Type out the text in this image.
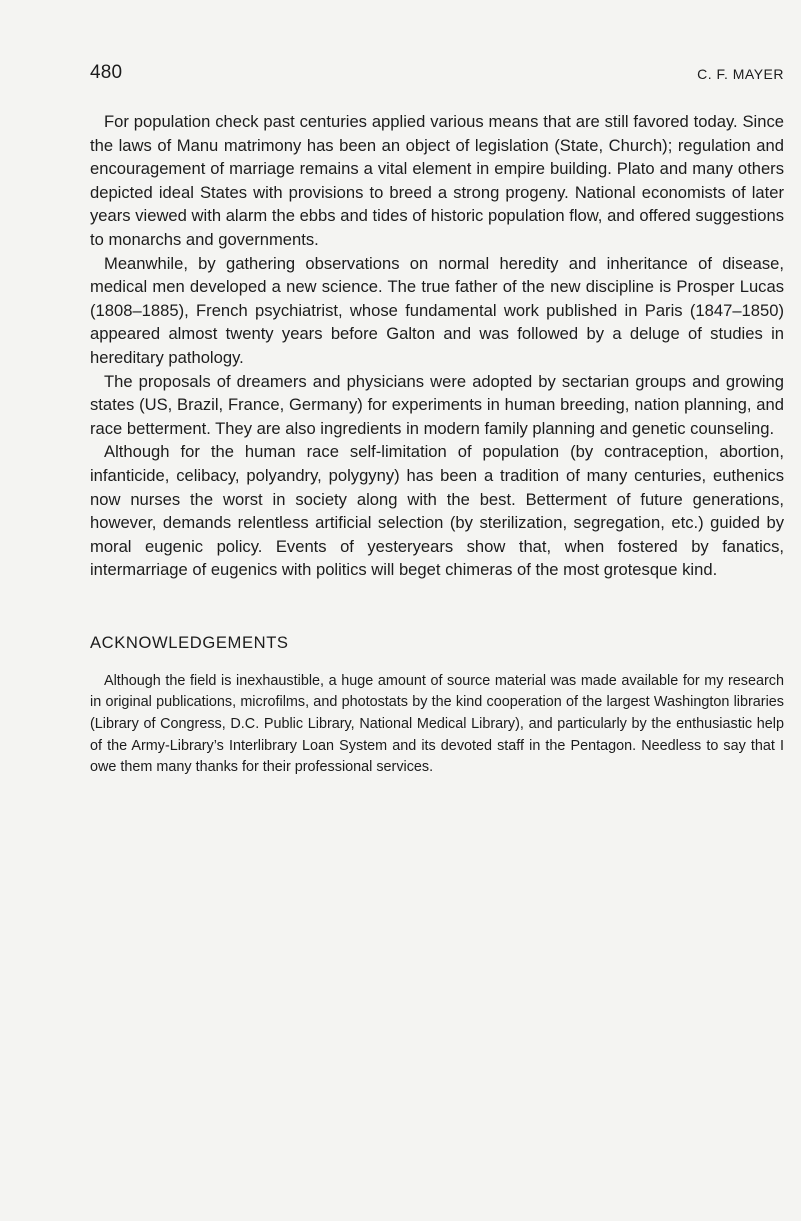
480	C. F. MAYER

For population check past centuries applied various means that are still favored today. Since the laws of Manu matrimony has been an object of legislation (State, Church); regulation and encouragement of marriage remains a vital element in empire building. Plato and many others depicted ideal States with provisions to breed a strong progeny. National economists of later years viewed with alarm the ebbs and tides of historic population flow, and offered suggestions to monarchs and governments.

Meanwhile, by gathering observations on normal heredity and inheritance of disease, medical men developed a new science. The true father of the new discipline is Prosper Lucas (1808–1885), French psychiatrist, whose fundamental work published in Paris (1847–1850) appeared almost twenty years before Galton and was followed by a deluge of studies in hereditary pathology.

The proposals of dreamers and physicians were adopted by sectarian groups and growing states (US, Brazil, France, Germany) for experiments in human breeding, nation planning, and race betterment. They are also ingredients in modern family planning and genetic counseling.

Although for the human race self-limitation of population (by contraception, abortion, infanticide, celibacy, polyandry, polygyny) has been a tradition of many centuries, euthenics now nurses the worst in society along with the best. Betterment of future generations, however, demands relentless artificial selection (by sterilization, segregation, etc.) guided by moral eugenic policy. Events of yesteryears show that, when fostered by fanatics, intermarriage of eugenics with politics will beget chimeras of the most grotesque kind.

ACKNOWLEDGEMENTS

Although the field is inexhaustible, a huge amount of source material was made available for my research in original publications, microfilms, and photostats by the kind cooperation of the largest Washington libraries (Library of Congress, D.C. Public Library, National Medical Library), and particularly by the enthusiastic help of the Army-Library’s Interlibrary Loan System and its devoted staff in the Pentagon. Needless to say that I owe them many thanks for their professional services.
